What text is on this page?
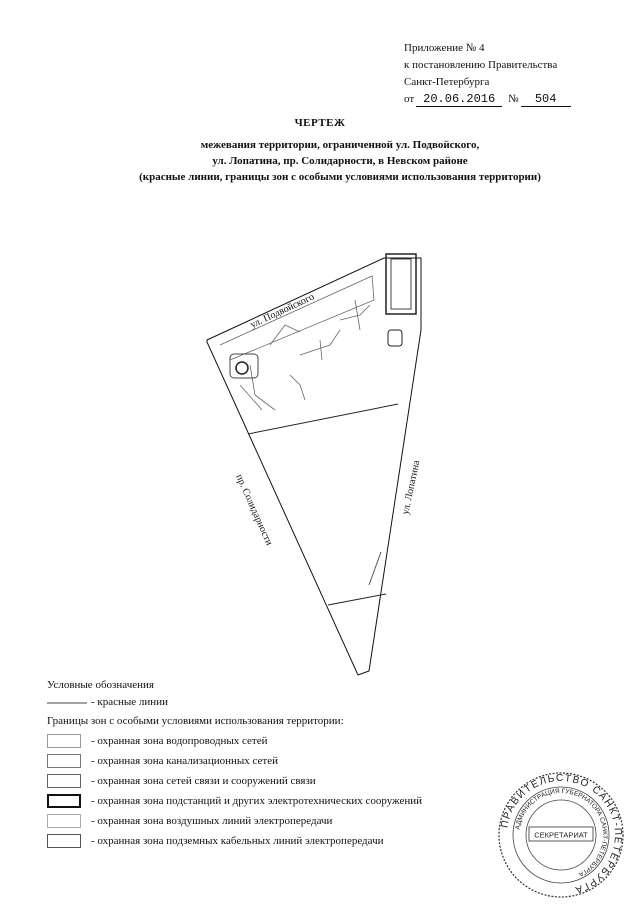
Приложение № 4
к постановлению Правительства
Санкт-Петербурга
от 20.06.2016 № 504
ЧЕРТЕЖ
межевания территории, ограниченной ул. Подвойского,
ул. Лопатина, пр. Солидарности, в Невском районе
(красные линии, границы зон с особыми условиями использования территории)
ул. Подвойского
ул. Лопатина
пр. Солидарности
Условные обозначения
- красные линии
Границы зон с особыми условиями использования территории:
- охранная зона водопроводных сетей
- охранная зона канализационных сетей
- охранная зона сетей связи и сооружений связи
- охранная зона подстанций и других электротехнических сооружений
- охранная зона воздушных линий электропередачи
- охранная зона подземных кабельных линий электропередачи
ПРАВИТЕЛЬСТВО САНКТ-ПЕТЕРБУРГА
АДМИНИСТРАЦИЯ ГУБЕРНАТОРА САНКТ-ПЕТЕРБУРГА
СЕКРЕТАРИАТ
